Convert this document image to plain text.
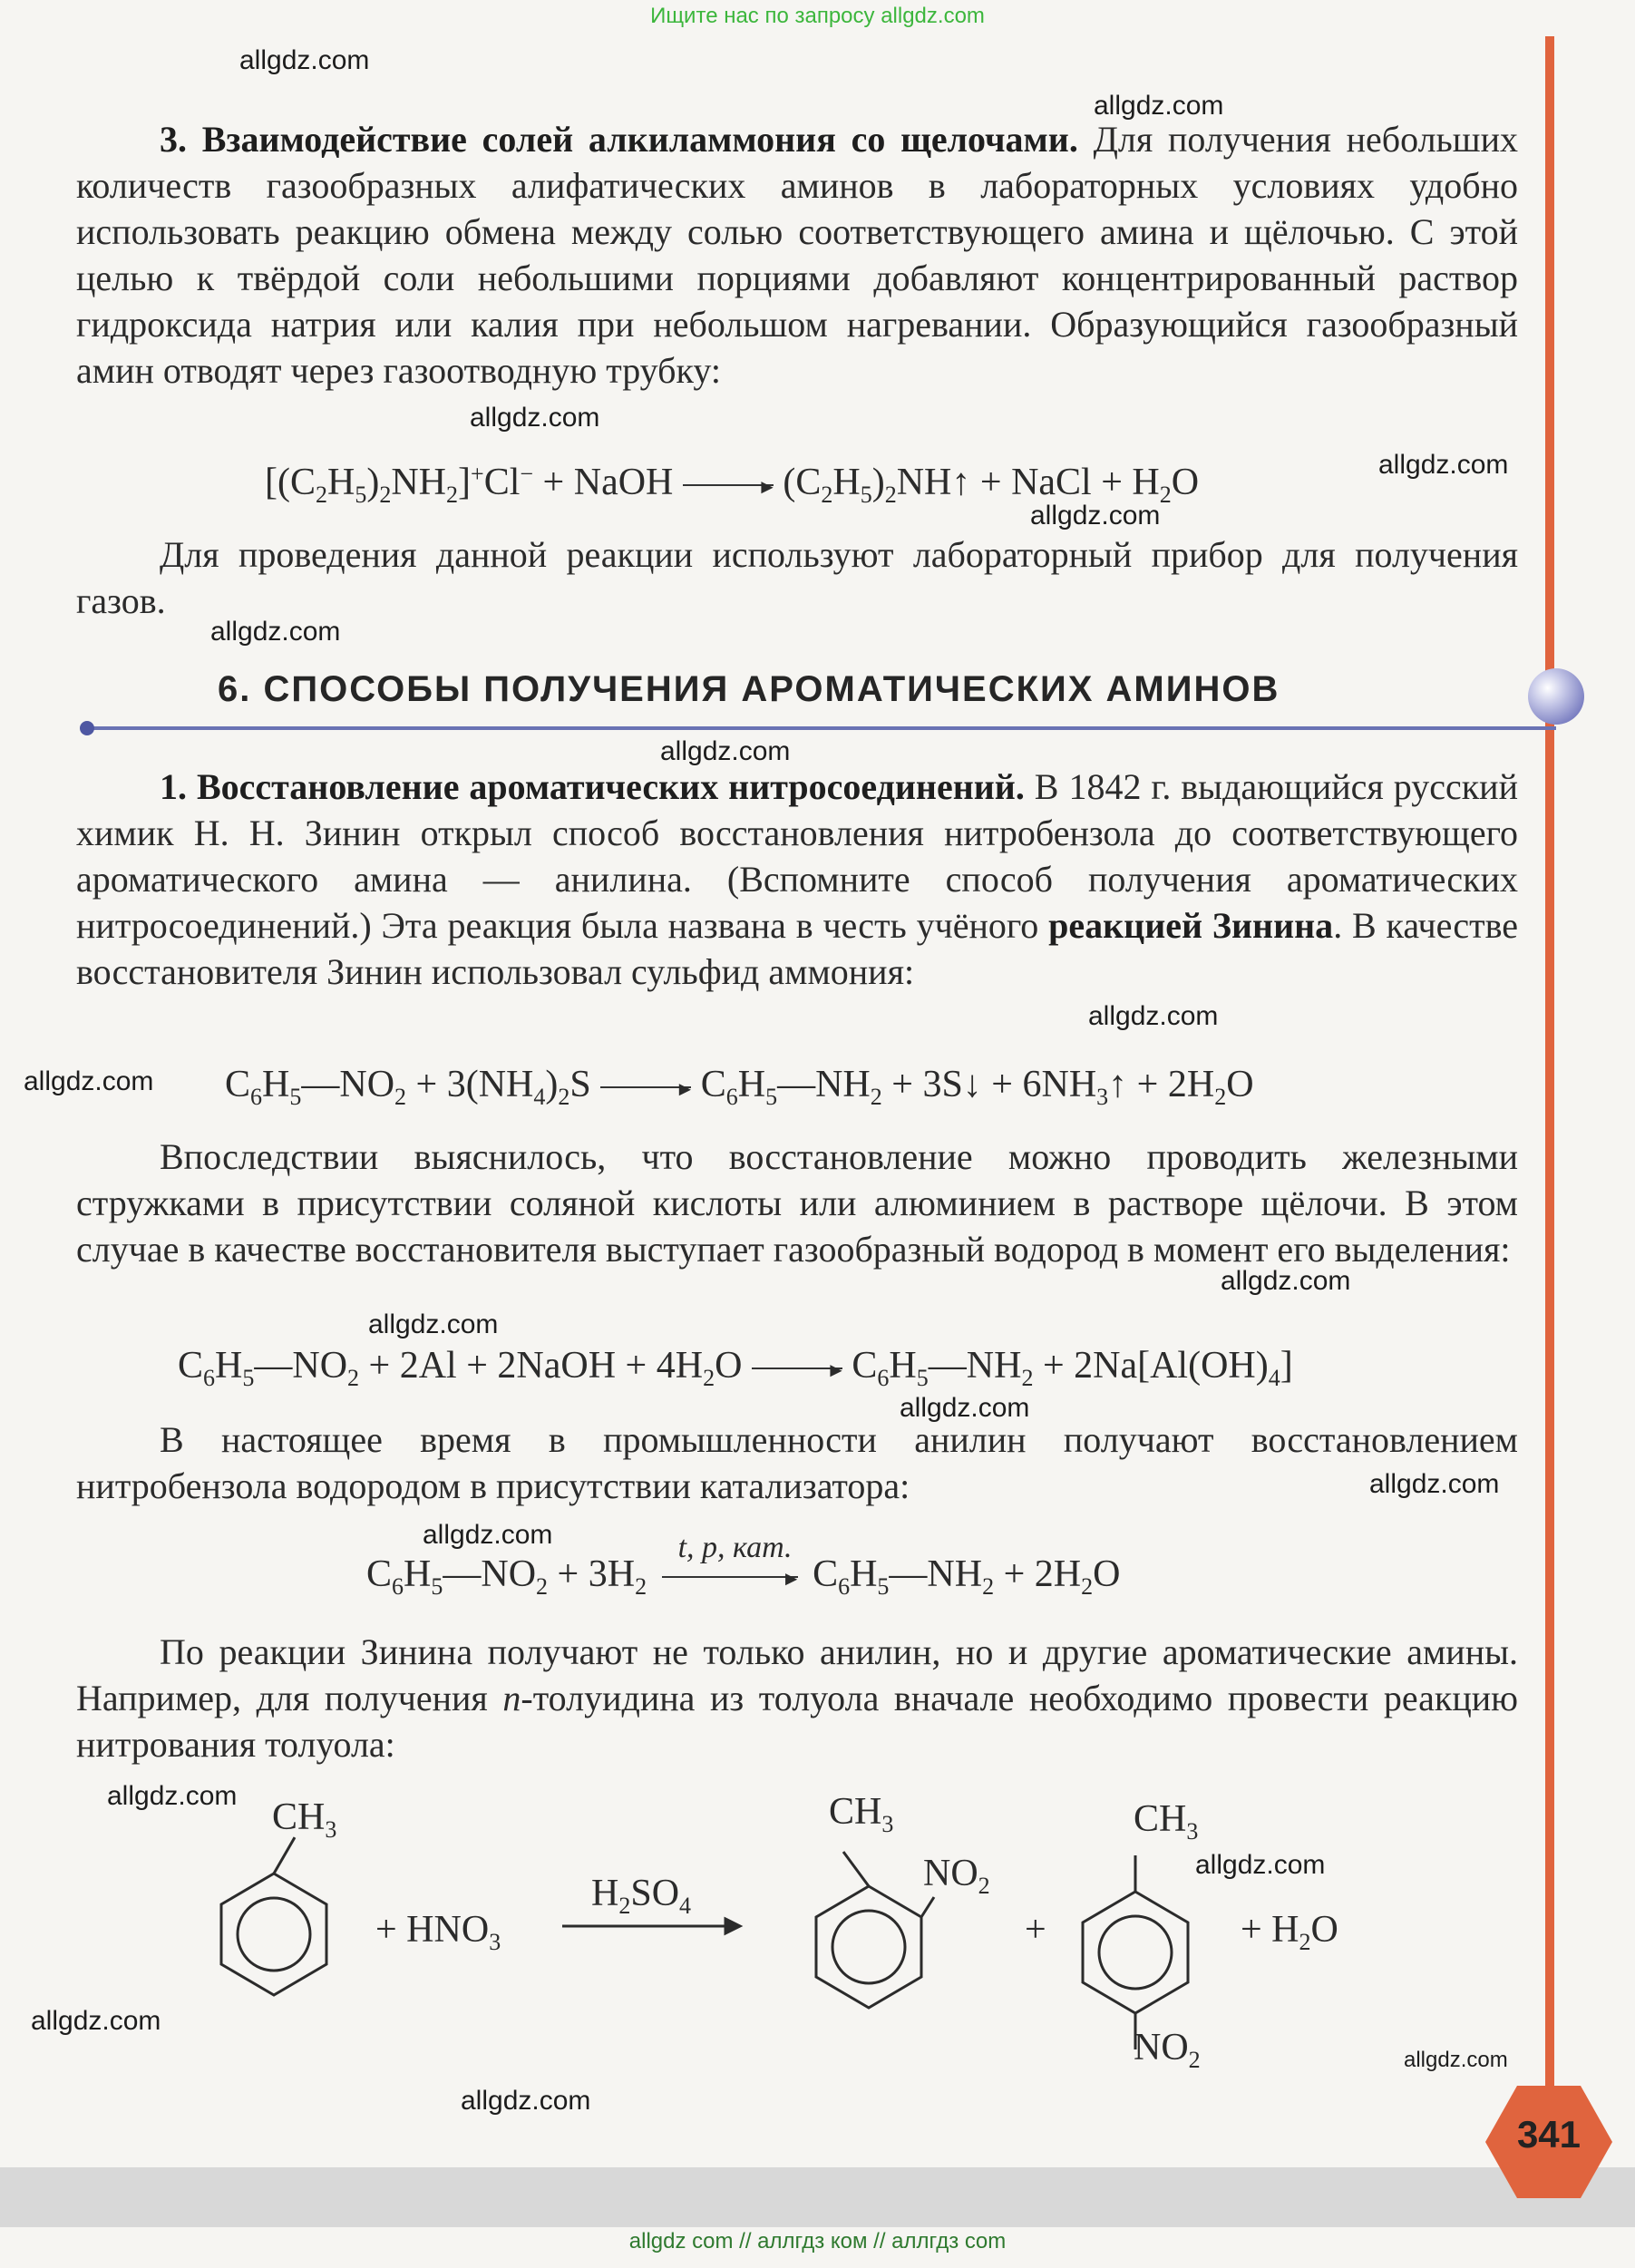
Ищите нас по запросу allgdz.com
allgdz.com
allgdz.com
allgdz.com
allgdz.com
allgdz.com
allgdz.com
allgdz.com
allgdz.com
allgdz.com
allgdz.com
allgdz.com
allgdz.com
allgdz.com
allgdz.com
allgdz.com
allgdz.com
allgdz.com
allgdz.com
allgdz.com
3. Взаимодействие солей алкиламмония со щелочами. Для получения небольших количеств газообразных алифатических аминов в лабораторных условиях удобно использовать реакцию обмена между солью соответствующего амина и щёлочью. С этой целью к твёрдой соли небольшими порциями добавляют концентрированный раствор гидроксида натрия или калия при небольшом нагревании. Образующийся газообразный амин отводят через газоотводную трубку:
$[(C_2H_5)_2NH_2]^+Cl^-$ + NaOH	►
$(C_2H_5)_2NH↑$ + NaCl + $H_2O$
Для проведения данной реакции используют лабораторный прибор для получения газов.
6. СПОСОБЫ ПОЛУЧЕНИЯ АРОМАТИЧЕСКИХ АМИНОВ
1. Восстановление ароматических нитросоединений. В 1842 г. выдающийся русский химик Н. Н. Зинин открыл способ восстановления нитробензола до соответствующего ароматического амина — анилина. (Вспомните способ получения ароматических нитросоединений.) Эта реакция была названа в честь учёного реакцией Зинина. В качестве восстановителя Зинин использовал сульфид аммония:
$C_6H_5—NO_2 + 3(NH_4)_2S$	►
$C_6H_5—NH_2$ + 3S↓ + $6NH_3↑ + 2H_2O$
Впоследствии выяснилось, что восстановление можно проводить железными стружками в присутствии соляной кислоты или алюминием в растворе щёлочи. В этом случае в качестве восстановителя выступает газообразный водород в момент его выделения:
$C_6H_5—NO_2 + 2Al$ + 2NaOH + $4H_2O$	►
$C_6H_5—NH_2 + 2Na[Al(OH)_4]$
В настоящее время в промышленности анилин получают восстановлением нитробензола водородом в присутствии катализатора:
$C_6H_5—NO_2 + 3H_2$	►
t, p, кат.
$C_6H_5—NH_2 + 2H_2O$
По реакции Зинина получают не только анилин, но и другие ароматические амины. Например, для получения п-толуидина из толуола вначале необходимо провести реакцию нитрования толуола:
$CH_3$
+ $HNO_3$
$H_2SO_4$
$CH_3$
$NO_2$
+
$CH_3$
$NO_2$
+ $H_2O$
341
allgdz com // аллгдз ком // аллгдз com
